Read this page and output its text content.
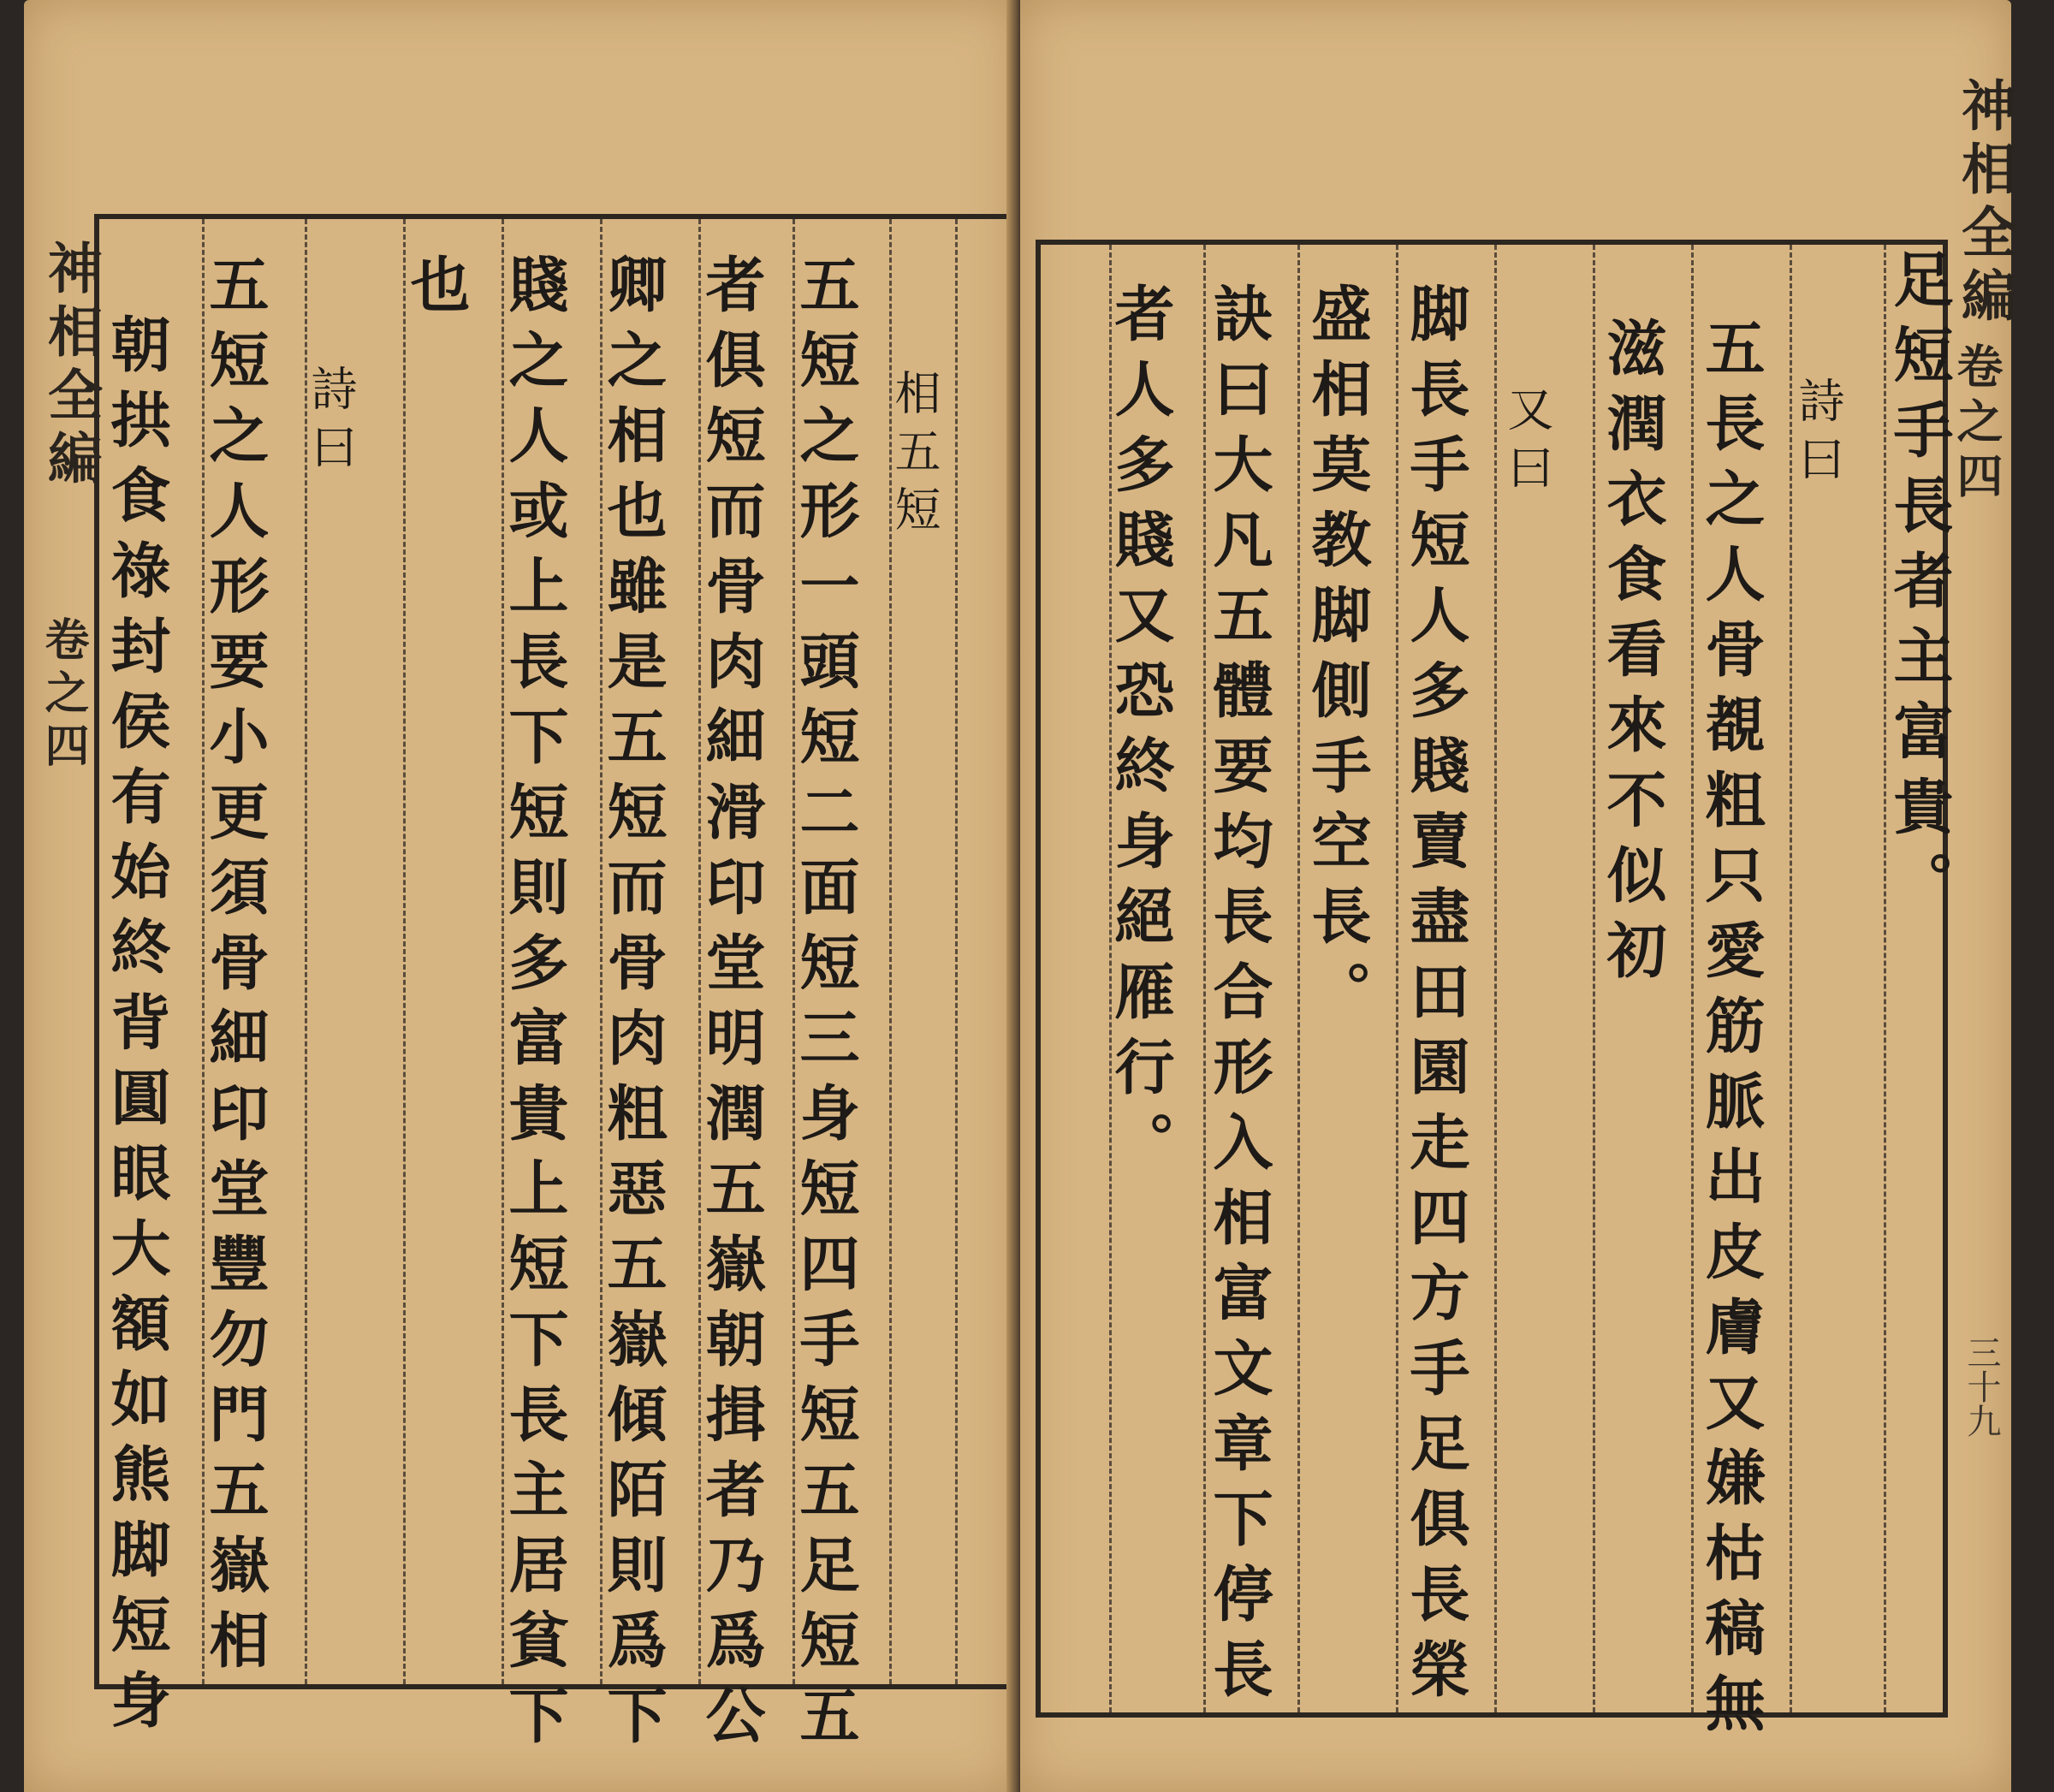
神相全編
卷之四
相五短
五短之形一頭短二面短三身短四手短五足短五
者俱短而骨肉細滑印堂明潤五嶽朝揖者乃爲公
卿之相也雖是五短而骨肉粗惡五嶽傾陌則爲下
賤之人或上長下短則多富貴上短下長主居貧下
也
詩曰
五短之人形要小更須骨細印堂豐勿門五嶽相
朝拱食祿封侯有始終背圓眼大額如熊脚短身
神相全編
卷之四
三十九
足短手長者主富貴。
詩曰
五長之人骨覩粗只愛筋脈出皮膚又嫌枯稿無
滋潤衣食看來不似初
又曰
脚長手短人多賤賣盡田園走四方手足俱長榮
盛相莫教脚側手空長。
訣曰大凡五體要均長合形入相富文章下停長
者人多賤又恐終身絕雁行。
